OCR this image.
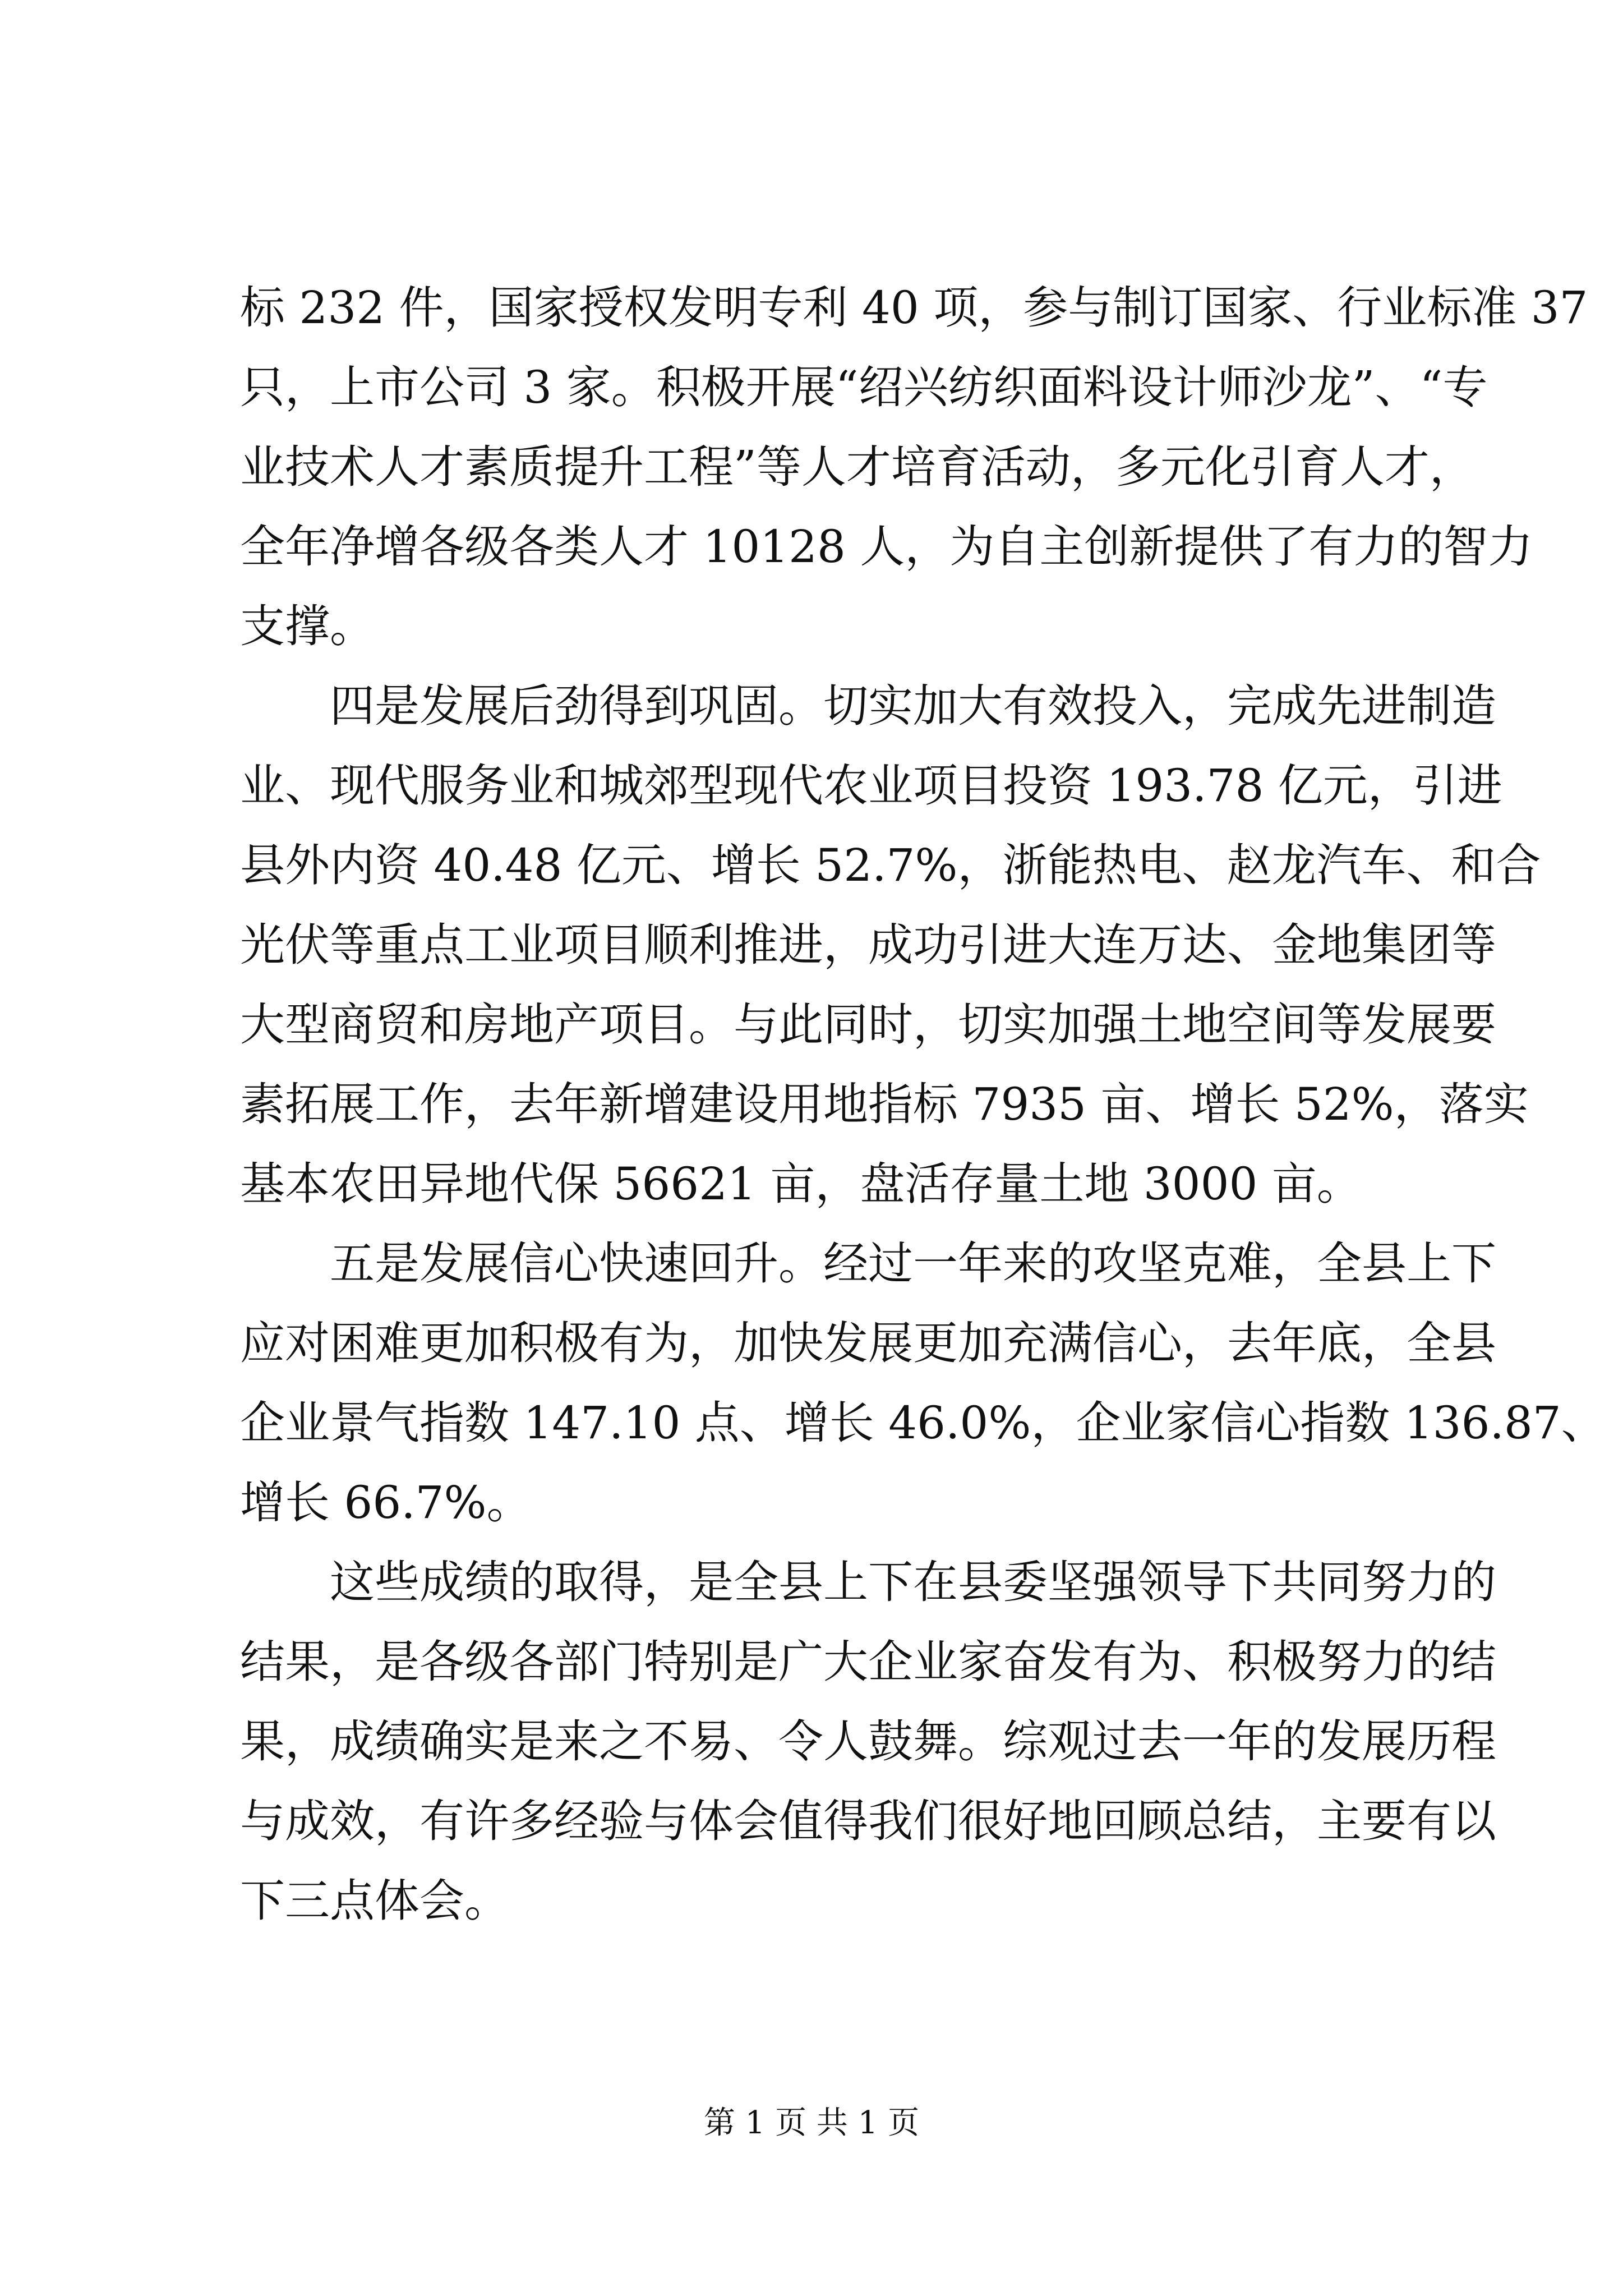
标 232 件，国家授权发明专利 40 项，参与制订国家、行业标准 37
只，上市公司 3 家。积极开展“绍兴纺织面料设计师沙龙”、“专
业技术人才素质提升工程”等人才培育活动，多元化引育人才，
全年净增各级各类人才 10128 人，为自主创新提供了有力的智力
支撑。
　　四是发展后劲得到巩固。切实加大有效投入，完成先进制造
业、现代服务业和城郊型现代农业项目投资 193.78 亿元，引进
县外内资 40.48 亿元、增长 52.7%，浙能热电、赵龙汽车、和合
光伏等重点工业项目顺利推进，成功引进大连万达、金地集团等
大型商贸和房地产项目。与此同时，切实加强土地空间等发展要
素拓展工作，去年新增建设用地指标 7935 亩、增长 52%，落实
基本农田异地代保 56621 亩，盘活存量土地 3000 亩。
　　五是发展信心快速回升。经过一年来的攻坚克难，全县上下
应对困难更加积极有为，加快发展更加充满信心，去年底，全县
企业景气指数 147.10 点、增长 46.0%，企业家信心指数 136.87、
增长 66.7%。
　　这些成绩的取得，是全县上下在县委坚强领导下共同努力的
结果，是各级各部门特别是广大企业家奋发有为、积极努力的结
果，成绩确实是来之不易、令人鼓舞。综观过去一年的发展历程
与成效，有许多经验与体会值得我们很好地回顾总结，主要有以
下三点体会。
第 1 页 共 1 页
